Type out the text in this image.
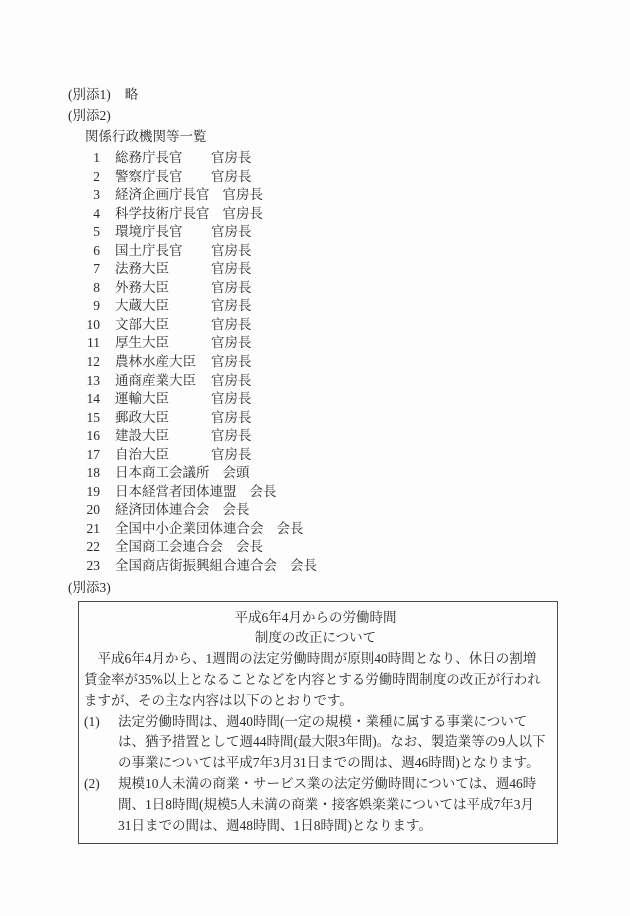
(別添1) 略
(別添2)
関係行政機関等一覧
1 総務庁長官	官房長
2 警察庁長官	官房長
3 経済企画庁長官 官房長
4 科学技術庁長官 官房長
5 環境庁長官	官房長
6 国土庁長官	官房長
7 法務大臣	官房長
8 外務大臣	官房長
9 大蔵大臣	官房長
10 文部大臣	官房長
11 厚生大臣	官房長
12 農林水産大臣	官房長
13 通商産業大臣	官房長
14 運輸大臣	官房長
15 郵政大臣	官房長
16 建設大臣	官房長
17 自治大臣	官房長
18 日本商工会議所 会頭
19 日本経営者団体連盟 会長
20 経済団体連合会 会長
21 全国中小企業団体連合会 会長
22 全国商工会連合会 会長
23 全国商店街振興組合連合会 会長
(別添3)
平成6年4月からの労働時間
制度の改正について

平成6年4月から、1週間の法定労働時間が原則40時間となり、休日の割増賃金率が35%以上となることなどを内容とする労働時間制度の改正が行われますが、その主な内容は以下のとおりです。

(1)	法定労働時間は、週40時間(一定の規模・業種に属する事業については、猶予措置として週44時間(最大限3年間)。なお、製造業等の9人以下の事業については平成7年3月31日までの間は、週46時間)となります。

(2)	規模10人未満の商業・サービス業の法定労働時間については、週46時間、1日8時間(規模5人未満の商業・接客娯楽業については平成7年3月31日までの間は、週48時間、1日8時間)となります。
